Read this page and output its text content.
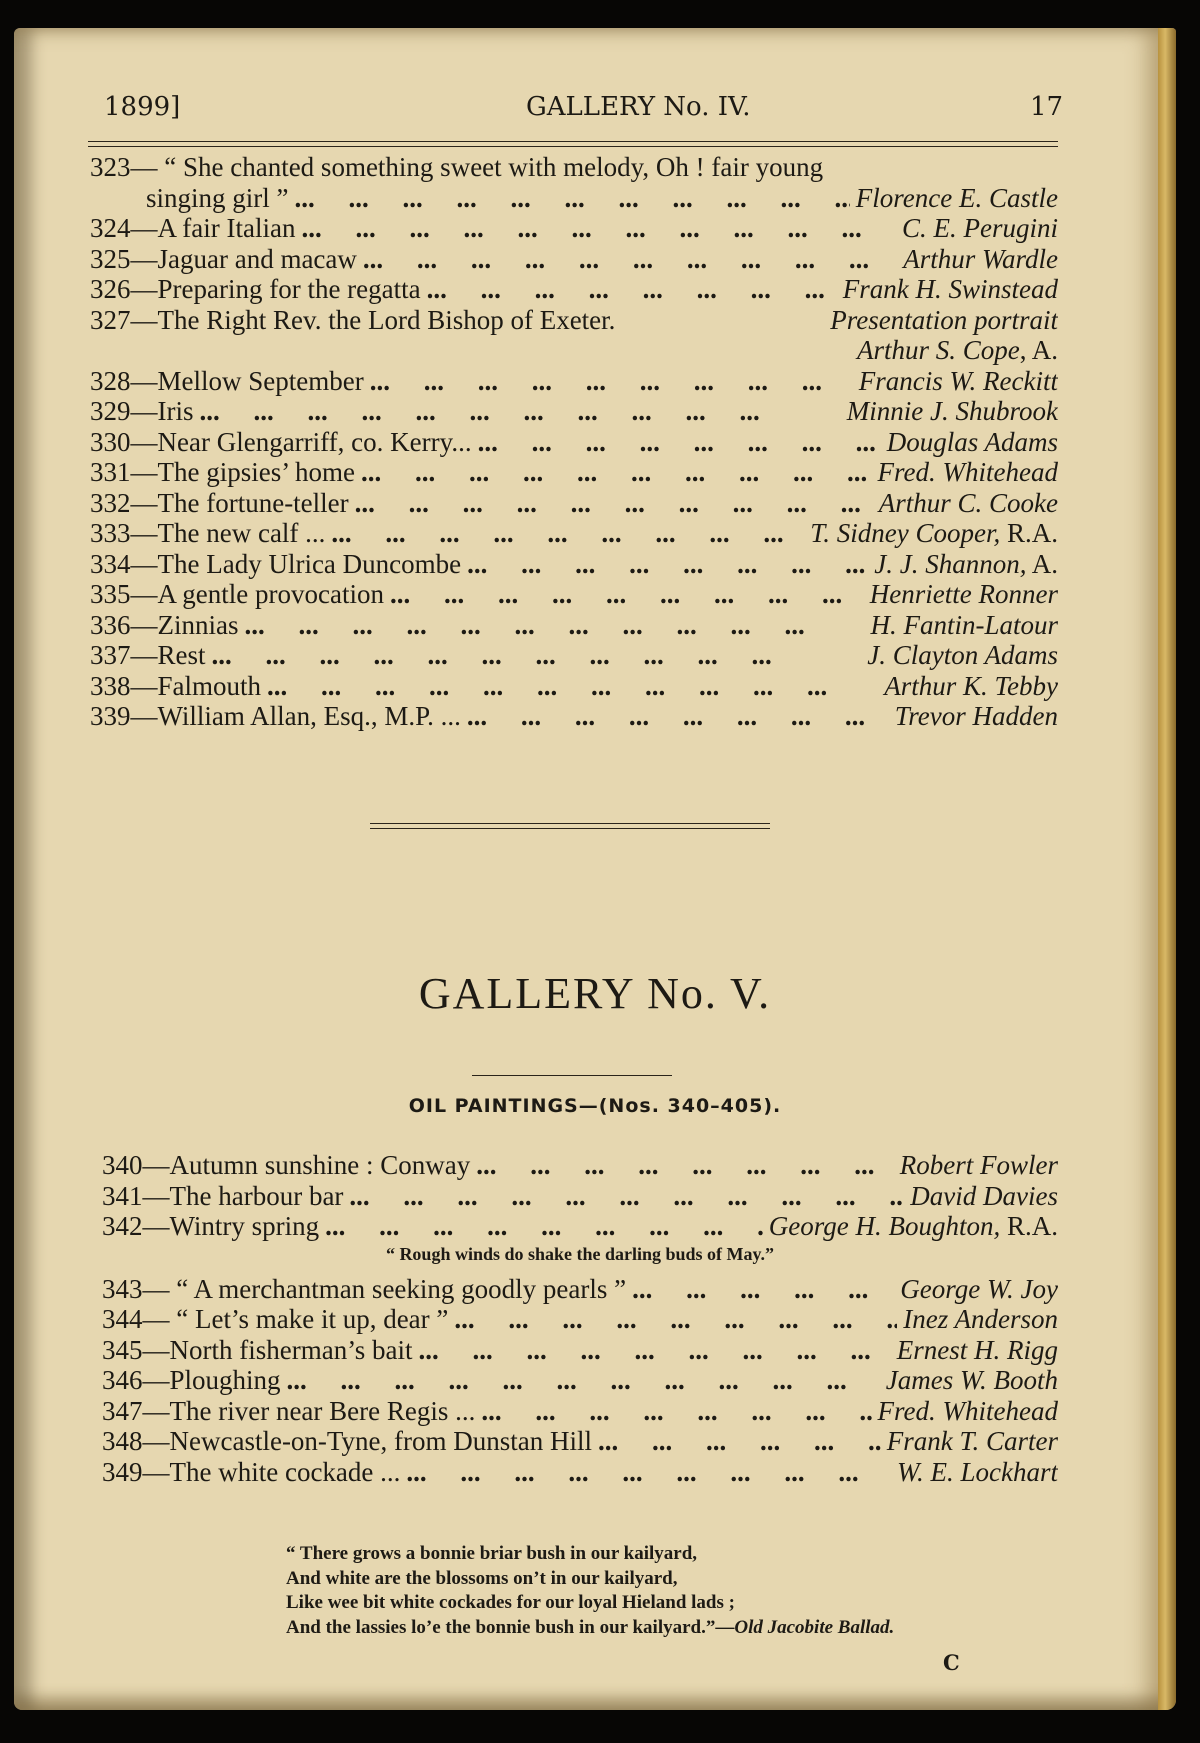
1899]	GALLERY No. IV.	17
323— “ She chanted something sweet with melody, Oh ! fair young
singing girl ” ...	Florence E. Castle
324—A fair Italian ...	C. E. Perugini
325—Jaguar and macaw ...	Arthur Wardle
326—Preparing for the regatta ...	Frank H. Swinstead
327—The Right Rev. the Lord Bishop of Exeter.	Presentation portrait
Arthur S. Cope, A.
328—Mellow September ...	Francis W. Reckitt
329—Iris ...	Minnie J. Shubrook
330—Near Glengarriff, co. Kerry... ...	Douglas Adams
331—The gipsies’ home ...	Fred. Whitehead
332—The fortune-teller ...	Arthur C. Cooke
333—The new calf ... ...	T. Sidney Cooper, R.A.
334—The Lady Ulrica Duncombe ...	J. J. Shannon, A.
335—A gentle provocation ...	Henriette Ronner
336—Zinnias ...	H. Fantin-Latour
337—Rest ...	J. Clayton Adams
338—Falmouth ...	Arthur K. Tebby
339—William Allan, Esq., M.P. ... ...	Trevor Hadden
GALLERY No. V.
OIL PAINTINGS—(Nos. 340–405).
340—Autumn sunshine : Conway ...	Robert Fowler
341—The harbour bar ...	David Davies
342—Wintry spring ...	George H. Boughton, R.A.
“ Rough winds do shake the darling buds of May.”
343— “ A merchantman seeking goodly pearls ” ...	George W. Joy
344— “ Let’s make it up, dear ” ...	Inez Anderson
345—North fisherman’s bait ...	Ernest H. Rigg
346—Ploughing ...	James W. Booth
347—The river near Bere Regis ... ...	Fred. Whitehead
348—Newcastle-on-Tyne, from Dunstan Hill ...	Frank T. Carter
349—The white cockade ... ...	W. E. Lockhart
“ There grows a bonnie briar bush in our kailyard,
And white are the blossoms on’t in our kailyard,
Like wee bit white cockades for our loyal Hieland lads ;
And the lassies lo’e the bonnie bush in our kailyard.”—Old Jacobite Ballad.
C
